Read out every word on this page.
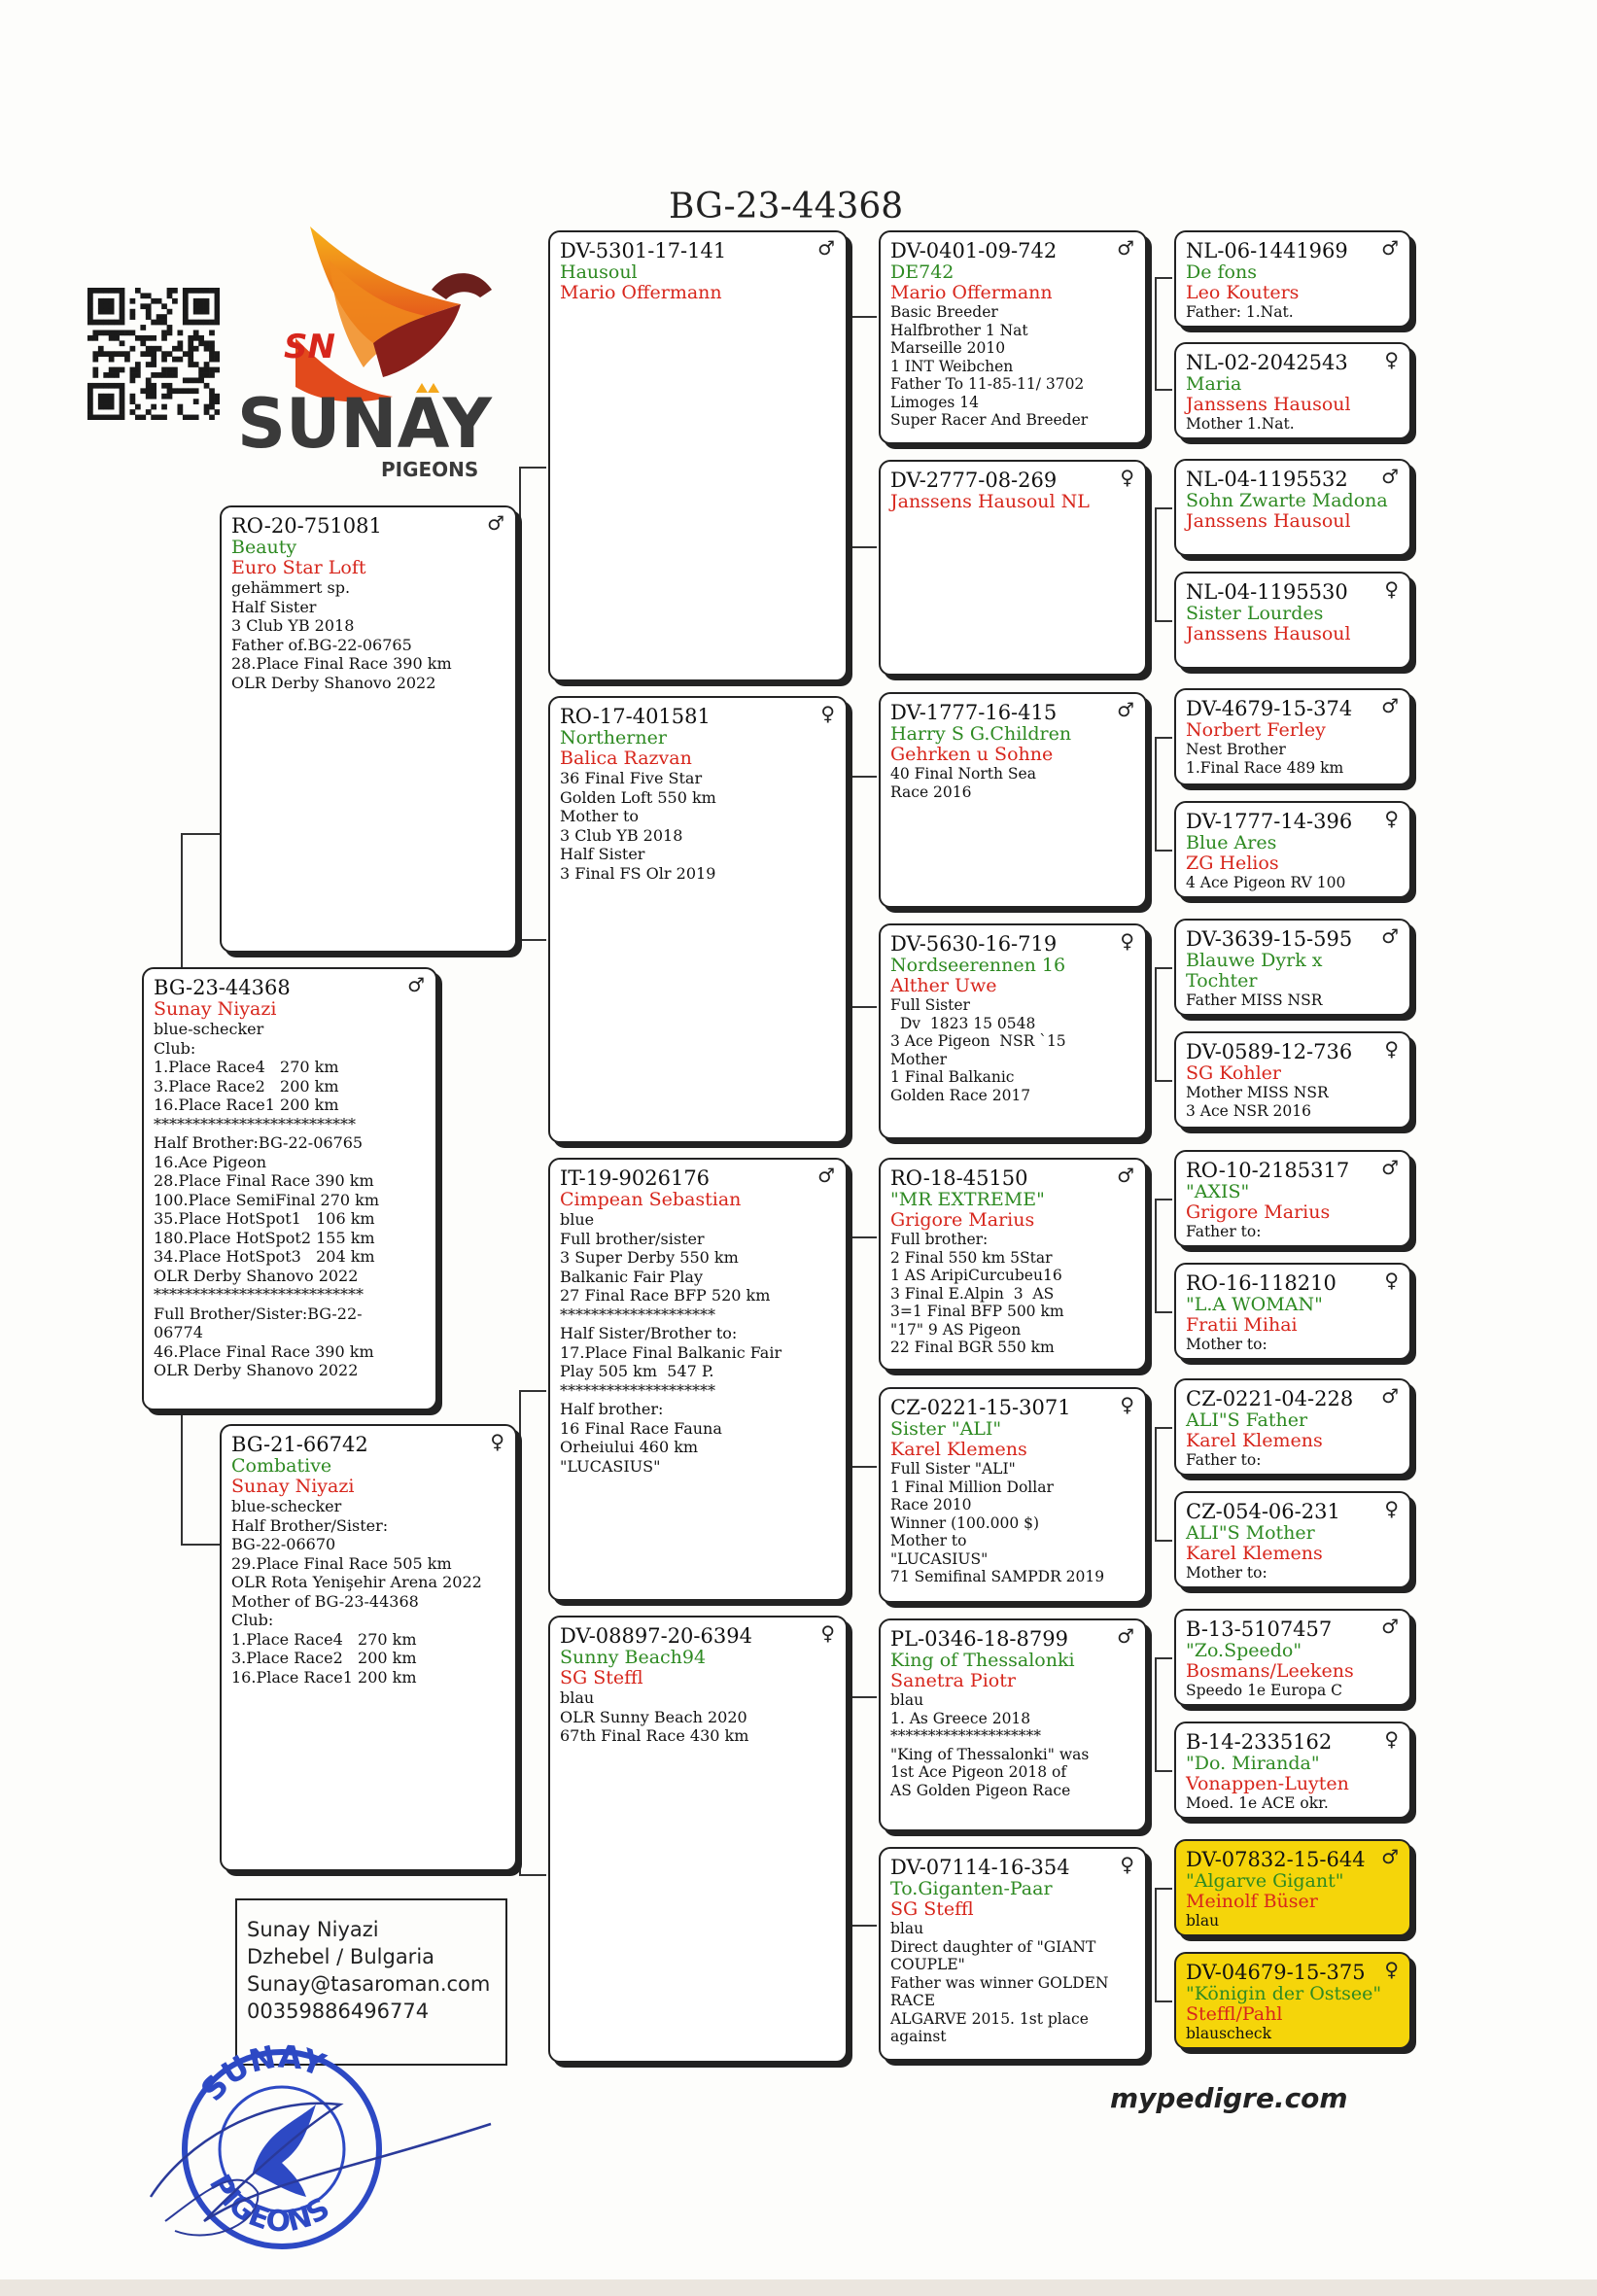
BG-23-44368
SN
SUNAY
PIGEONS
RO-20-751081	♂
Beauty
Euro Star Loft
gehämmert sp.
Half Sister
3 Club YB 2018
Father of.BG-22-06765
28.Place Final Race 390 km
OLR Derby Shanovo 2022
BG-23-44368	♂
Sunay Niyazi
blue-schecker
Club:
1.Place Race4   270 km
3.Place Race2   200 km
16.Place Race1 200 km
**************************
Half Brother:BG-22-06765
16.Ace Pigeon
28.Place Final Race 390 km
100.Place SemiFinal 270 km
35.Place HotSpot1   106 km
180.Place HotSpot2 155 km
34.Place HotSpot3   204 km
OLR Derby Shanovo 2022
***************************
Full Brother/Sister:BG-22-
06774
46.Place Final Race 390 km
OLR Derby Shanovo 2022
BG-21-66742	♀
Combative
Sunay Niyazi
blue-schecker
Half Brother/Sister:
BG-22-06670
29.Place Final Race 505 km
OLR Rota Yenişehir Arena 2022
Mother of BG-23-44368
Club:
1.Place Race4   270 km
3.Place Race2   200 km
16.Place Race1 200 km
DV-5301-17-141	♂
Hausoul
Mario Offermann
RO-17-401581	♀
Northerner
Balica Razvan
36 Final Five Star
Golden Loft 550 km
Mother to
3 Club YB 2018
Half Sister
3 Final FS Olr 2019
IT-19-9026176	♂
Cimpean Sebastian
blue
Full brother/sister
3 Super Derby 550 km
Balkanic Fair Play
27 Final Race BFP 520 km
********************
Half Sister/Brother to:
17.Place Final Balkanic Fair
Play 505 km  547 P.
********************
Half brother:
16 Final Race Fauna
Orheiului 460 km
"LUCASIUS"
DV-08897-20-6394	♀
Sunny Beach94
SG Steffl
blau
OLR Sunny Beach 2020
67th Final Race 430 km
DV-0401-09-742	♂
DE742
Mario Offermann
Basic Breeder
Halfbrother 1 Nat
Marseille 2010
1 INT Weibchen
Father To 11-85-11/ 3702
Limoges 14
Super Racer And Breeder
DV-2777-08-269	♀
Janssens Hausoul NL
DV-1777-16-415	♂
Harry S G.Children
Gehrken u Sohne
40 Final North Sea
Race 2016
DV-5630-16-719	♀
Nordseerennen 16
Alther Uwe
Full Sister
Dv  1823 15 0548
3 Ace Pigeon  NSR `15
Mother
1 Final Balkanic
Golden Race 2017
RO-18-45150	♂
"MR EXTREME"
Grigore Marius
Full brother:
2 Final 550 km 5Star
1 AS AripiCurcubeu16
3 Final E.Alpin  3  AS
3=1 Final BFP 500 km
"17" 9 AS Pigeon
22 Final BGR 550 km
CZ-0221-15-3071	♀
Sister "ALI"
Karel Klemens
Full Sister "ALI"
1 Final Million Dollar
Race 2010
Winner (100.000 $)
Mother to
"LUCASIUS"
71 Semifinal SAMPDR 2019
PL-0346-18-8799	♂
King of Thessalonki
Sanetra Piotr
blau
1. As Greece 2018
********************
"King of Thessalonki" was
1st Ace Pigeon 2018 of
AS Golden Pigeon Race
DV-07114-16-354	♀
To.Giganten-Paar
SG Steffl
blau
Direct daughter of "GIANT
COUPLE"
Father was winner GOLDEN
RACE
ALGARVE 2015. 1st place
against
NL-06-1441969	♂
De fons
Leo Kouters
Father: 1.Nat.
NL-02-2042543	♀
Maria
Janssens Hausoul
Mother 1.Nat.
NL-04-1195532	♂
Sohn Zwarte Madona
Janssens Hausoul
NL-04-1195530	♀
Sister Lourdes
Janssens Hausoul
DV-4679-15-374	♂
Norbert Ferley
Nest Brother
1.Final Race 489 km
DV-1777-14-396	♀
Blue Ares
ZG Helios
4 Ace Pigeon RV 100
DV-3639-15-595	♂
Blauwe Dyrk x
Tochter
Father MISS NSR
DV-0589-12-736	♀
SG Kohler
Mother MISS NSR
3 Ace NSR 2016
RO-10-2185317	♂
"AXIS"
Grigore Marius
Father to:
RO-16-118210	♀
"L.A WOMAN"
Fratii Mihai
Mother to:
CZ-0221-04-228	♂
ALI"S Father
Karel Klemens
Father to:
CZ-054-06-231	♀
ALI"S Mother
Karel Klemens
Mother to:
B-13-5107457	♂
"Zo.Speedo"
Bosmans/Leekens
Speedo 1e Europa C
B-14-2335162	♀
"Do. Miranda"
Vonappen-Luyten
Moed. 1e ACE okr.
DV-07832-15-644 ♂
"Algarve Gigant"
Meinolf Büser
blau
DV-04679-15-375 ♀
"Königin der Ostsee"
Steffl/Pahl
blauscheck
Sunay Niyazi
Dzhebel / Bulgaria
Sunay@tasaroman.com
00359886496774
SUNAY
PIGEONS
mypedigre.com
